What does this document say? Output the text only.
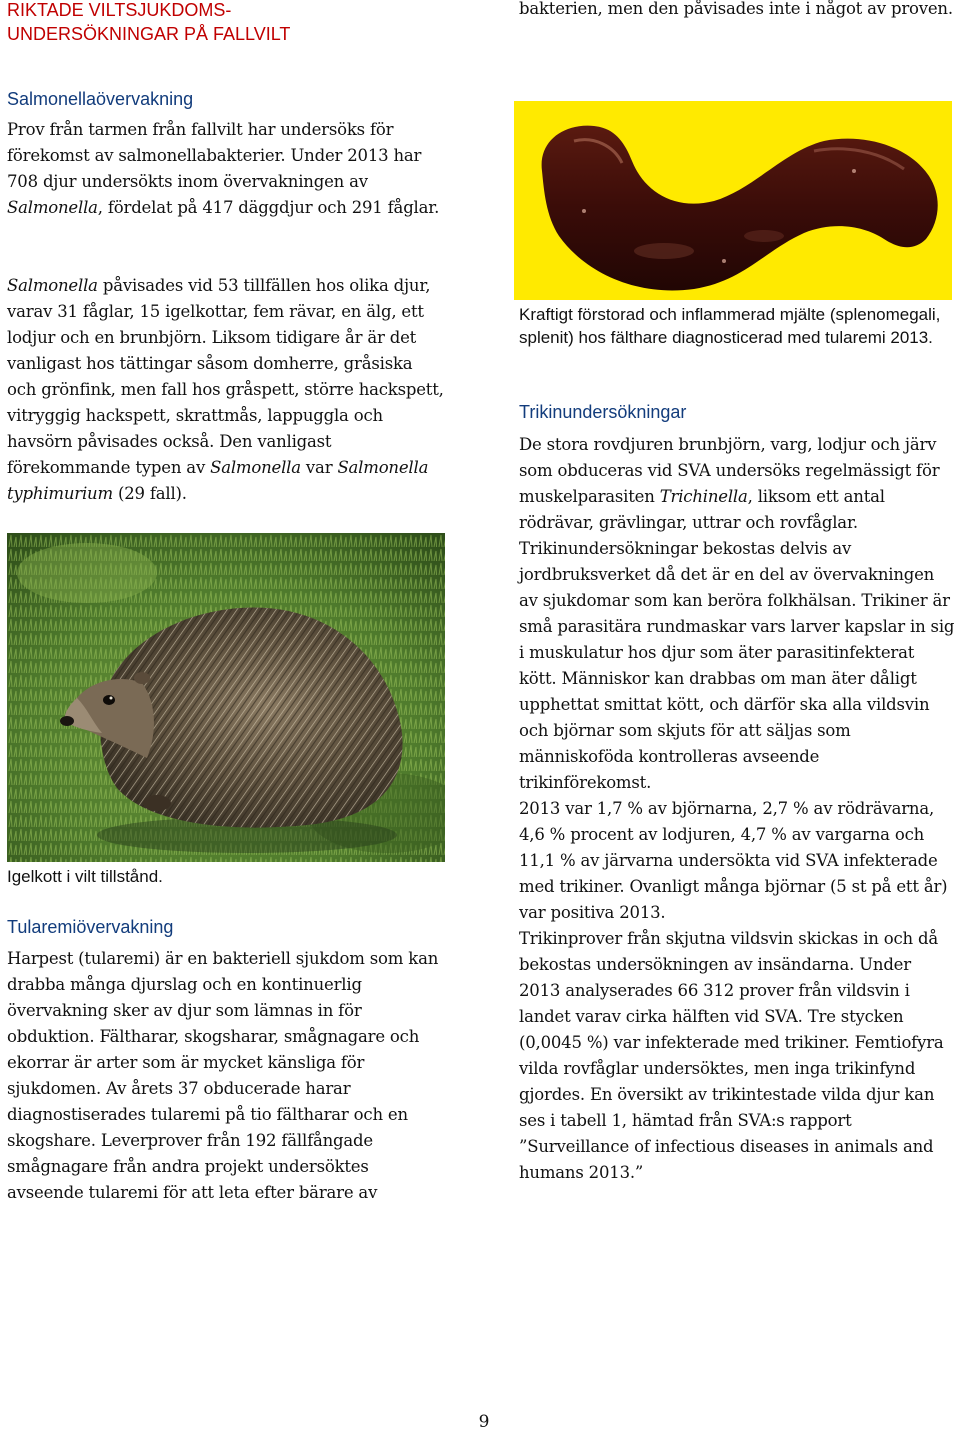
RIKTADE VILTSJUKDOMS-
UNDERSÖKNINGAR PÅ FALLVILT
Salmonellaövervakning

Prov från tarmen från fallvilt har undersöks för förekomst av salmonellabakterier. Under 2013 har 708 djur undersökts inom övervakningen av Salmonella, fördelat på 417 däggdjur och 291 fåglar.

Salmonella påvisades vid 53 tillfällen hos olika djur, varav 31 fåglar, 15 igelkottar, fem rävar, en älg, ett lodjur och en brunbjörn. Liksom tidigare år är det vanligast hos tättingar såsom domherre, gråsiska och grönfink, men fall hos gråspett, större hackspett, vitryggig hackspett, skrattmås, lappuggla och havsörn påvisades också. Den vanligast förekommande typen av Salmonella var Salmonella typhimurium (29 fall).

Igelkott i vilt tillstånd.

Tularemiövervakning

Harpest (tularemi) är en bakteriell sjukdom som kan drabba många djurslag och en kontinuerlig övervakning sker av djur som lämnas in för obduktion. Fältharar, skogsharar, smågnagare och ekorrar är arter som är mycket känsliga för sjukdomen. Av årets 37 obducerade harar diagnostiserades tularemi på tio fältharar och en skogshare. Leverprover från 192 fällfångade smågnagare från andra projekt undersöktes avseende tularemi för att leta efter bärare av

bakterien, men den påvisades inte i något av proven.

Kraftigt förstorad och inflammerad mjälte (splenomegali, splenit) hos fälthare diagnosticerad med tularemi 2013.

Trikinundersökningar

De stora rovdjuren brunbjörn, varg, lodjur och järv som obduceras vid SVA undersöks regelmässigt för muskelparasiten Trichinella, liksom ett antal rödrävar, grävlingar, uttrar och rovfåglar. Trikinundersökningar bekostas delvis av jordbruksverket då det är en del av övervakningen av sjukdomar som kan beröra folkhälsan. Trikiner är små parasitära rundmaskar vars larver kapslar in sig i muskulatur hos djur som äter parasitinfekterat kött. Människor kan drabbas om man äter dåligt upphettat smittat kött, och därför ska alla vildsvin och björnar som skjuts för att säljas som människoföda kontrolleras avseende trikinförekomst.

2013 var 1,7 % av björnarna, 2,7 % av rödrävarna, 4,6 % procent av lodjuren, 4,7 % av vargarna och 11,1 % av järvarna undersökta vid SVA infekterade med trikiner. Ovanligt många björnar (5 st på ett år) var positiva 2013.

Trikinprover från skjutna vildsvin skickas in och då bekostas undersökningen av insändarna. Under 2013 analyserades 66 312 prover från vildsvin i landet varav cirka hälften vid SVA. Tre stycken (0,0045 %) var infekterade med trikiner. Femtiofyra vilda rovfåglar undersöktes, men inga trikinfynd gjordes. En översikt av trikintestade vilda djur kan ses i tabell 1, hämtad från SVA:s rapport ”Surveillance of infectious diseases in animals and humans 2013.”

9
